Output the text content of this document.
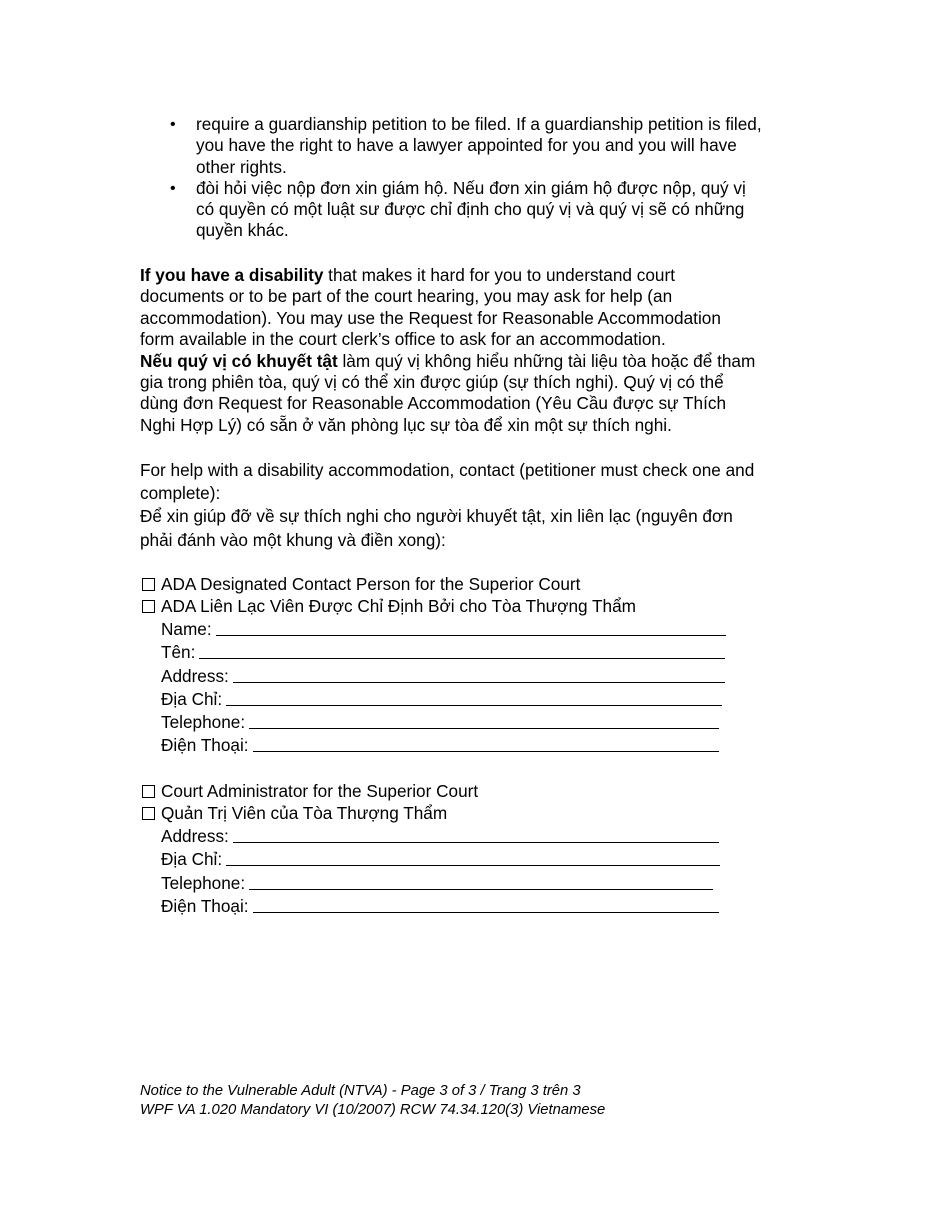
• require a guardianship petition to be filed. If a guardianship petition is filed,
you have the right to have a lawyer appointed for you and you will have
other rights.
• đòi hỏi việc nộp đơn xin giám hộ. Nếu đơn xin giám hộ được nộp, quý vị
có quyền có một luật sư được chỉ định cho quý vị và quý vị sẽ có những
quyền khác.

If you have a disability that makes it hard for you to understand court
documents or to be part of the court hearing, you may ask for help (an
accommodation). You may use the Request for Reasonable Accommodation
form available in the court clerk’s office to ask for an accommodation.
Nếu quý vị có khuyết tật làm quý vị không hiểu những tài liệu tòa hoặc để tham
gia trong phiên tòa, quý vị có thể xin được giúp (sự thích nghi). Quý vị có thể
dùng đơn Request for Reasonable Accommodation (Yêu Cầu được sự Thích
Nghi Hợp Lý) có sẵn ở văn phòng lục sự tòa để xin một sự thích nghi.

For help with a disability accommodation, contact (petitioner must check one and
complete):
Để xin giúp đỡ về sự thích nghi cho người khuyết tật, xin liên lạc (nguyên đơn
phải đánh vào một khung và điền xong):

ADA Designated Contact Person for the Superior Court
ADA Liên Lạc Viên Được Chỉ Định Bởi cho Tòa Thượng Thẩm
Name:
Tên:
Address:
Địa Chỉ:
Telephone:
Điện Thoại:
Court Administrator for the Superior Court
Quản Trị Viên của Tòa Thượng Thẩm
Address:
Địa Chỉ:
Telephone:
Điện Thoại:
Notice to the Vulnerable Adult (NTVA) - Page 3 of 3 / Trang 3 trên 3
WPF VA 1.020 Mandatory VI (10/2007) RCW 74.34.120(3) Vietnamese
